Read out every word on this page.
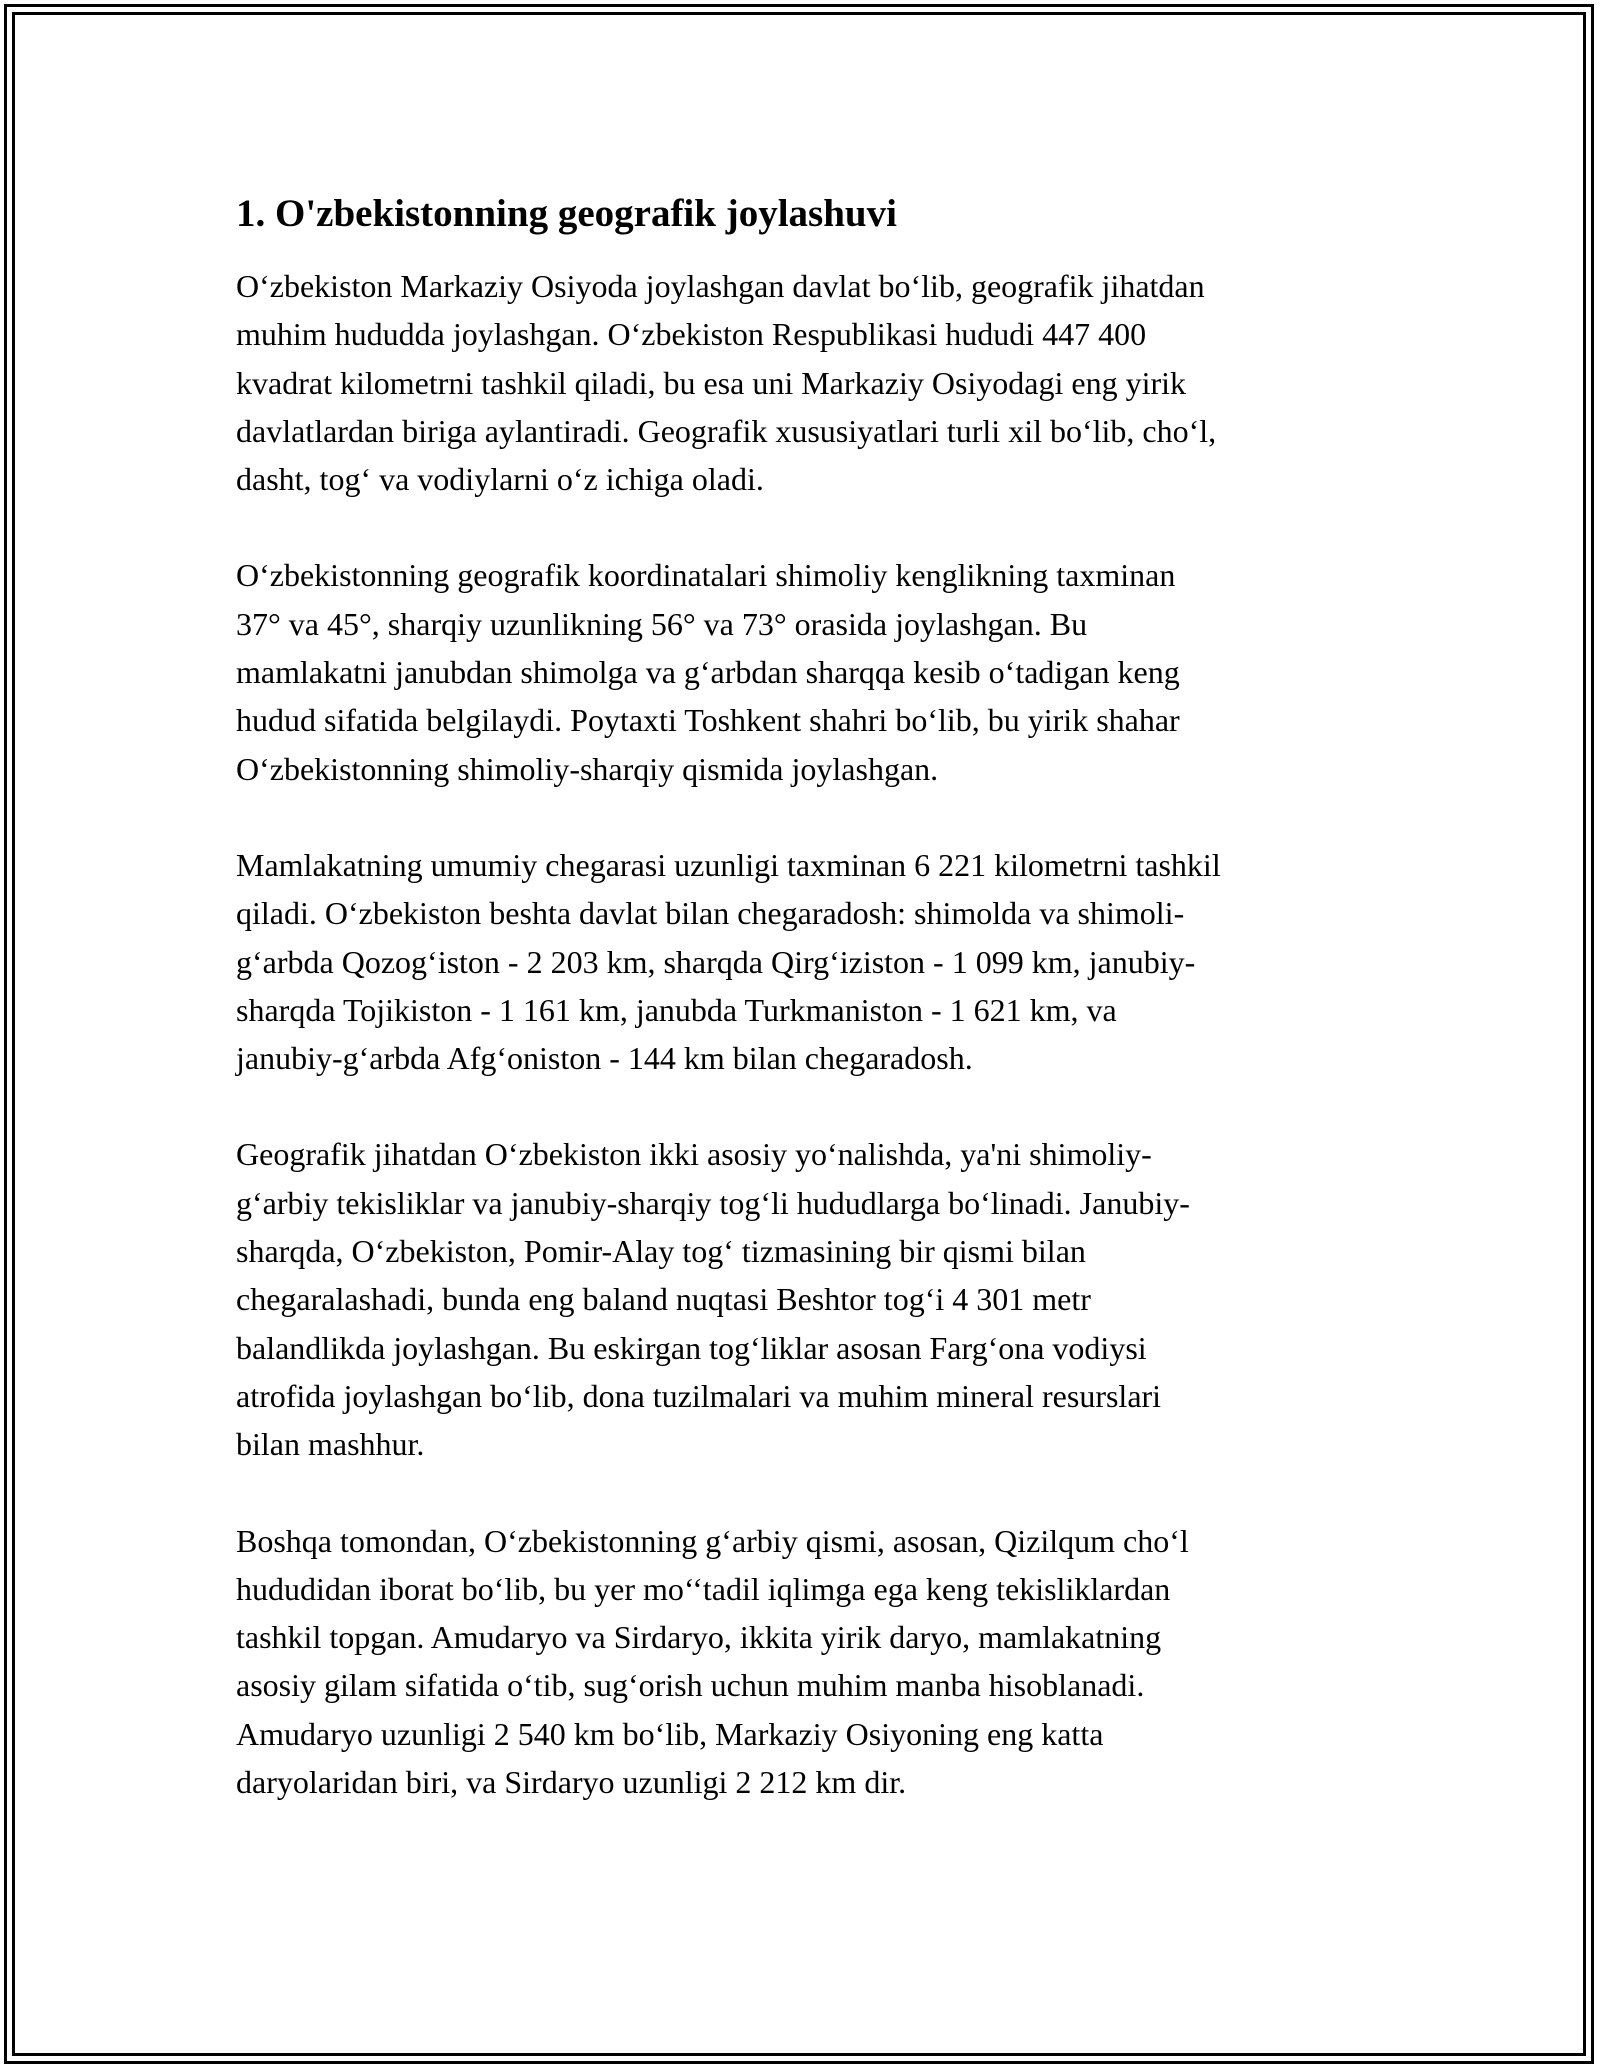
1. O'zbekistonning geografik joylashuvi

O‘zbekiston Markaziy Osiyoda joylashgan davlat bo‘lib, geografik jihatdan
muhim hududda joylashgan. O‘zbekiston Respublikasi hududi 447 400
kvadrat kilometrni tashkil qiladi, bu esa uni Markaziy Osiyodagi eng yirik
davlatlardan biriga aylantiradi. Geografik xususiyatlari turli xil bo‘lib, cho‘l,
dasht, tog‘ va vodiylarni o‘z ichiga oladi.

O‘zbekistonning geografik koordinatalari shimoliy kenglikning taxminan
37° va 45°, sharqiy uzunlikning 56° va 73° orasida joylashgan. Bu
mamlakatni janubdan shimolga va g‘arbdan sharqqa kesib o‘tadigan keng
hudud sifatida belgilaydi. Poytaxti Toshkent shahri bo‘lib, bu yirik shahar
O‘zbekistonning shimoliy-sharqiy qismida joylashgan.

Mamlakatning umumiy chegarasi uzunligi taxminan 6 221 kilometrni tashkil
qiladi. O‘zbekiston beshta davlat bilan chegaradosh: shimolda va shimoli-
g‘arbda Qozog‘iston - 2 203 km, sharqda Qirg‘iziston - 1 099 km, janubiy-
sharqda Tojikiston - 1 161 km, janubda Turkmaniston - 1 621 km, va
janubiy-g‘arbda Afg‘oniston - 144 km bilan chegaradosh.

Geografik jihatdan O‘zbekiston ikki asosiy yo‘nalishda, ya'ni shimoliy-
g‘arbiy tekisliklar va janubiy-sharqiy tog‘li hududlarga bo‘linadi. Janubiy-
sharqda, O‘zbekiston, Pomir-Alay tog‘ tizmasining bir qismi bilan
chegaralashadi, bunda eng baland nuqtasi Beshtor tog‘i 4 301 metr
balandlikda joylashgan. Bu eskirgan tog‘liklar asosan Farg‘ona vodiysi
atrofida joylashgan bo‘lib, dona tuzilmalari va muhim mineral resurslari
bilan mashhur.

Boshqa tomondan, O‘zbekistonning g‘arbiy qismi, asosan, Qizilqum cho‘l
hududidan iborat bo‘lib, bu yer mo‘‘tadil iqlimga ega keng tekisliklardan
tashkil topgan. Amudaryo va Sirdaryo, ikkita yirik daryo, mamlakatning
asosiy gilam sifatida o‘tib, sug‘orish uchun muhim manba hisoblanadi.
Amudaryo uzunligi 2 540 km bo‘lib, Markaziy Osiyoning eng katta
daryolaridan biri, va Sirdaryo uzunligi 2 212 km dir.
